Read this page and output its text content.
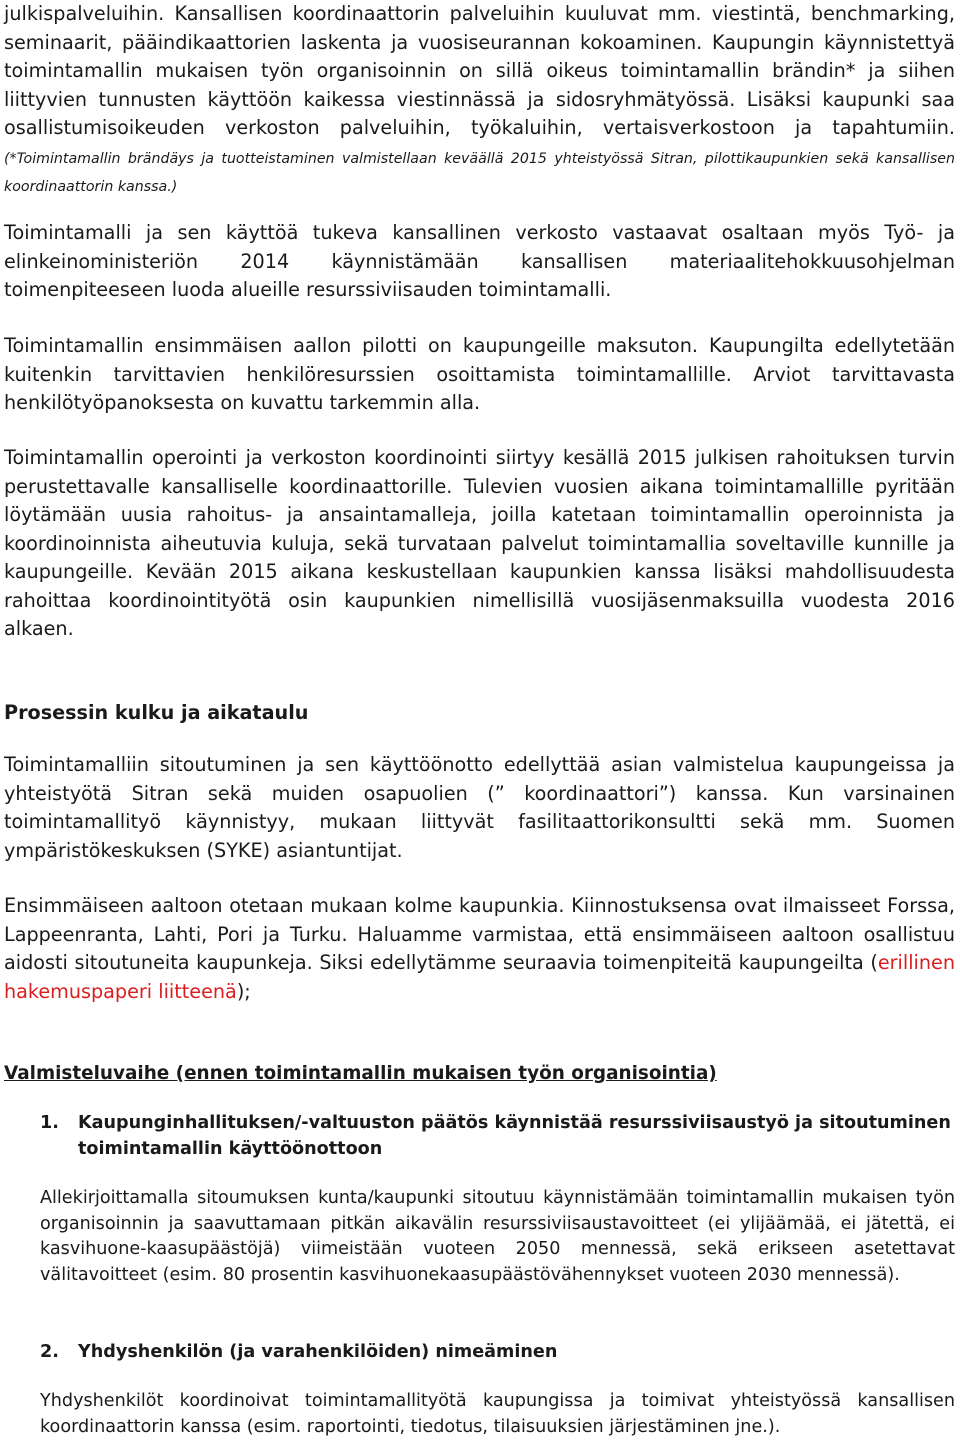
julkispalveluihin. Kansallisen koordinaattorin palveluihin kuuluvat mm. viestintä, benchmarking, seminaarit, pääindikaattorien laskenta ja vuosiseurannan kokoaminen. Kaupungin käynnistettyä toimintamallin mukaisen työn organisoinnin on sillä oikeus toimintamallin brändin* ja siihen liittyvien tunnusten käyttöön kaikessa viestinnässä ja sidosryhmätyössä. Lisäksi kaupunki saa osallistumisoikeuden verkoston palveluihin, työkaluihin, vertaisverkostoon ja tapahtumiin. (*Toimintamallin brändäys ja tuotteistaminen valmistellaan keväällä 2015 yhteistyössä Sitran, pilottikaupunkien sekä kansallisen koordinaattorin kanssa.)

Toimintamalli ja sen käyttöä tukeva kansallinen verkosto vastaavat osaltaan myös Työ- ja elinkeinoministeriön 2014 käynnistämään kansallisen materiaalitehokkuusohjelman toimenpiteeseen luoda alueille resurssiviisauden toimintamalli.

Toimintamallin ensimmäisen aallon pilotti on kaupungeille maksuton. Kaupungilta edellytetään kuitenkin tarvittavien henkilöresurssien osoittamista toimintamallille. Arviot tarvittavasta henkilötyöpanoksesta on kuvattu tarkemmin alla.

Toimintamallin operointi ja verkoston koordinointi siirtyy kesällä 2015 julkisen rahoituksen turvin perustettavalle kansalliselle koordinaattorille. Tulevien vuosien aikana toimintamallille pyritään löytämään uusia rahoitus- ja ansaintamalleja, joilla katetaan toimintamallin operoinnista ja koordinoinnista aiheutuvia kuluja, sekä turvataan palvelut toimintamallia soveltaville kunnille ja kaupungeille. Kevään 2015 aikana keskustellaan kaupunkien kanssa lisäksi mahdollisuudesta rahoittaa koordinointityötä osin kaupunkien nimellisillä vuosijäsenmaksuilla vuodesta 2016 alkaen.

Prosessin kulku ja aikataulu

Toimintamalliin sitoutuminen ja sen käyttöönotto edellyttää asian valmistelua kaupungeissa ja yhteistyötä Sitran sekä muiden osapuolien (” koordinaattori”) kanssa. Kun varsinainen toimintamallityö käynnistyy, mukaan liittyvät fasilitaattorikonsultti sekä mm. Suomen ympäristökeskuksen (SYKE) asiantuntijat.

Ensimmäiseen aaltoon otetaan mukaan kolme kaupunkia. Kiinnostuksensa ovat ilmaisseet Forssa, Lappeenranta, Lahti, Pori ja Turku. Haluamme varmistaa, että ensimmäiseen aaltoon osallistuu aidosti sitoutuneita kaupunkeja. Siksi edellytämme seuraavia toimenpiteitä kaupungeilta (erillinen hakemuspaperi liitteenä);

Valmisteluvaihe (ennen toimintamallin mukaisen työn organisointia)
1.	Kaupunginhallituksen/-valtuuston päätös käynnistää resurssiviisaustyö ja sitoutuminen toimintamallin käyttöönottoon

Allekirjoittamalla sitoumuksen kunta/kaupunki sitoutuu käynnistämään toimintamallin mukaisen työn organisoinnin ja saavuttamaan pitkän aikavälin resurssiviisaustavoitteet (ei ylijäämää, ei jätettä, ei kasvihuone-kaasupäästöjä) viimeistään vuoteen 2050 mennessä, sekä erikseen asetettavat välitavoitteet (esim. 80 prosentin kasvihuonekaasupäästövähennykset vuoteen 2030 mennessä).

2.	Yhdyshenkilön (ja varahenkilöiden) nimeäminen

Yhdyshenkilöt koordinoivat toimintamallityötä kaupungissa ja toimivat yhteistyössä kansallisen koordinaattorin kanssa (esim. raportointi, tiedotus, tilaisuuksien järjestäminen jne.).
